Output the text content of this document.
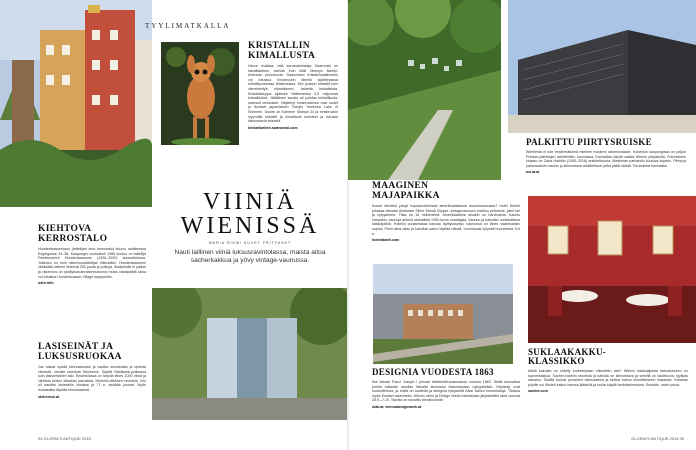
TYYLIMATKALLA
KRISTALLIN KIMALLUSTA
Harva muistaa, että korusvalmistaja Swarovski on itävaltalainen, samoin kuin Walt Disneyn Bambi-elokuvan peruskuvat. Swarovskin Kristallimaailmoihin voi tutustua Innsbruckin lähellä sijaitsevassa kristallipuistossa Wattensissa. Kivi puiston kristallit kuin viimeisteltyä elämäkseen, taidetta kristalleista. Kristallikauppa sijaitsee Wattensissa 4,5 miljoonaa kristallikiveä. Jättiläisen suusta oli puhdas kristalliluola, oranssit veistokset. Näyttelyt Innsbruckissa ovat uudet ja ikoniset japanilainen Tokujin Yoshioka Lake of Shimmer. Osoite on Kärntner Strasse 24 ja Innsbruckin myymälä kristallit ja kimaltavat koristeet ja lukuisia kiinnostavia esineitä.
kristallwelten.swarovski.com
VIINIÄ
WIENISSÄ
MARIA RIKMI SUVET FRITFASET
Nauti laillinen viiniä luksusravintolassa, maista aitoa sacherkakkua ja yövy vintage-vaunussa.
KIEHTOVA KERROSTALO
Hundertwasserhaus (taiteilijan oma kerrostalo) kuuluu osoitteessa Kegelgasse 34–38. Kaupungin vuokrakoti 1985 kuuluu on taiteilija Friedensreich Hundertwasserin (1928–2000) suunnittelema. Julkisivu on kuin rakennustaiteilijan tilkkutäkki. Hundertwasserin värikkään taiteen ilmeenä 200 puuta ja polkuja. Sisäpihalle ei pääse ja rakennus on yksityisasuinrakennuksena mutta vastapäätä taloa voi tutustua Hundertwasser Village kauppoihin.
wien.info
LASISEINÄT JA LUKSUSRUOKAA
Jos haluat syödä kiinnostavasti ja nauttia annoksista ja upeista viineistä, vieraile ravintola Steirereck. Sijainti Stadtpark-puistossa kuin lasiseinäinen talo. Ravintolassa on tarjolla lähes 1000 viiniä ja viinilista kertoo Itävallan parhaista. Michelin-tähtinen ravintola. Kivi oli nautittu lasiseiniin loistava ja 77 e, sisältää juomat. Myös lounasaika täyttää erinomaisesti.
steirereck.at
PALKITTU PIIRTYSRUISKE
Wieniestä ei tule ensimmäisenä mieleen moderni rakennustaide. Kuitenkin kaupungissa on paljon Pritzker-palkittujen arkkitehtien luomuksia. Kannattaa käydä vaikka Wienin yliopistolla. Futuristinen kirjasto on Zaha Hadidin (1950–2016) arkkitehtuuria. Maailman parhaisiin kuuluva kirjasto. Piirtynyt pastoraalinen kaunis ja kiinnostava arkkitehtuuri jotka pitää nähdä. Tornivaldat kannattaa.
wu.at.at
MAAGINEN MAJAPAIKKA
Koska viimeksi yövyit hopeanvärisessä amerikkalaisessa asuntovaunussa? Hotel Daniel pihassa olevaan Airstream Silver Streak Clipper -vintagevaunuun mahtuu perheelle, pieni we ja kylpyamme. Tilaa on 16 neliömetriä. Amerikkalaisia ainakin on harvinaisia. Kaunis varustelu, vaunuja aidosti rauhallisia 1950-luvun nostalgiaa. Vaunun ja kahvilan uuninkattava käsikäytävä. Hotellin puutarhassa kasvaa hyötykasveja, vaunussa on lähes vaatimuksiin sopiva. Pieni uima-allas ja kahvilan aamu täyttää nähdä. Vuorokausi lyhyesti huoneessa 114 e.
hoteldaniel.com
DESIGNIA VUODESTA 1863
Itse keisari Franz Joseph I perusti taideteollisuusmuseon vuonna 1863. Siellä kannattaa pohtia millaisiin asioihin Itävalta kiinnostui historiassaan nykypäivään. Näyttelyt ovat houkuttelevia, ja esillä on tuotteita ja designia nykyiseltä Alvar Aallon huonekaluja. Tiloissa myös Kustavi rakennettu. Wienin viinin ja Design Week toteutetaan järjestettäin tänä vuonna 28.9.–7.10. Tavoita on suosittu vierailukohde.
mak.at, viennadesignweek.at
SUKLAAKAKKU-KLASSIKKO
Mistä kakusta on riidelty korkeimpaan oikeuteen asti? Wienin kakkulajeista tarkoitukseen on sacherkakkua. Sacher-hotellin ravintola ja kahvila on kiinnostava ja seinillä on taidekuvia, tyylikäs sisustus. Sisällä kaunis punainen värimaailma ja kelaus kakun kiinnittäminen klassisiin. Kahvilan pöytiin voi lähdeä kakun kanssa jäätelöä ja tuulta käydä herkuttelemassa. Suosittu, usein jonoa.
sacher.com
94 GLORIA'S ANTIQUE 2018	GLORIA'S ANTIQUE 2018 95
